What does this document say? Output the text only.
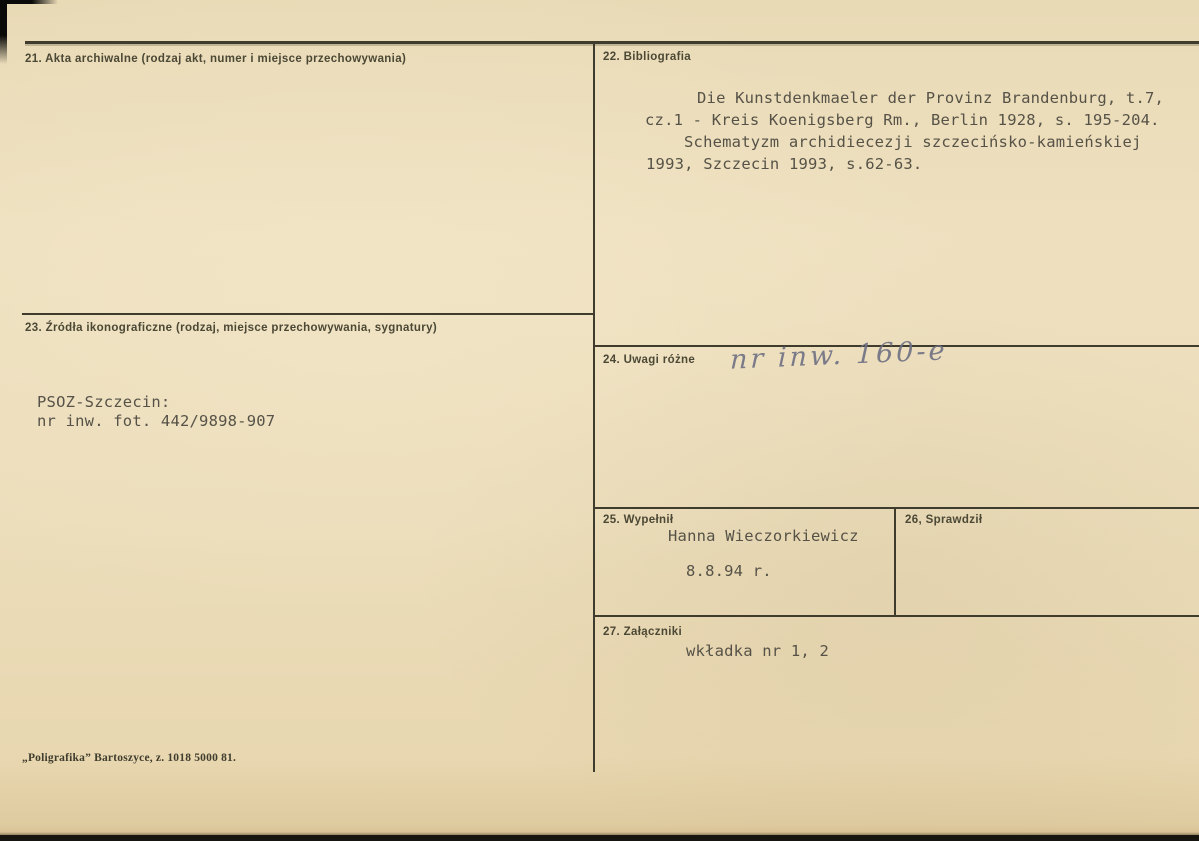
21. Akta archiwalne (rodzaj akt, numer i miejsce przechowywania)	22. Bibliografia
Die Kunstdenkmaeler der Provinz Brandenburg, t.7,
cz.1 - Kreis Koenigsberg Rm., Berlin 1928, s. 195-204.
Schematyzm archidiecezji szczecińsko-kamieńskiej
1993, Szczecin 1993, s.62-63.
23. Źródła ikonograficzne (rodzaj, miejsce przechowywania, sygnatury)
PSOZ-Szczecin:
nr inw. fot. 442/9898-907
24. Uwagi różne nr inw. 160-e
25. Wypełnił
Hanna Wieczorkiewicz
8.8.94 r.
26, Sprawdził
27. Załączniki
wkładka nr 1, 2
„Poligrafika” Bartoszyce, z. 1018 5000 81.
